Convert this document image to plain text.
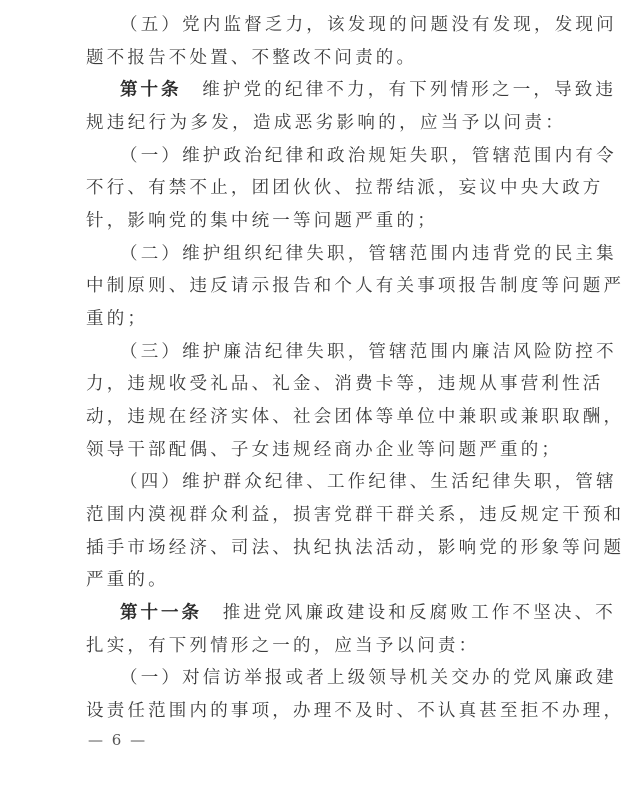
（五）党内监督乏力，该发现的问题没有发现，发现问
题不报告不处置、不整改不问责的。
第十条　 维护党的纪律不力，有下列情形之一，导致违
规违纪行为多发，造成恶劣影响的，应当予以问责：
（一）维护政治纪律和政治规矩失职，管辖范围内有令
不行、有禁不止，团团伙伙、拉帮结派，妄议中央大政方
针，影响党的集中统一等问题严重的；
（二）维护组织纪律失职，管辖范围内违背党的民主集
中制原则、违反请示报告和个人有关事项报告制度等问题严
重的；
（三）维护廉洁纪律失职，管辖范围内廉洁风险防控不
力，违规收受礼品、礼金、消费卡等，违规从事营利性活
动，违规在经济实体、社会团体等单位中兼职或兼职取酬，
领导干部配偶、子女违规经商办企业等问题严重的；
（四）维护群众纪律、工作纪律、生活纪律失职，管辖
范围内漠视群众利益，损害党群干群关系，违反规定干预和
插手市场经济、司法、执纪执法活动，影响党的形象等问题
严重的。
第十一条　 推进党风廉政建设和反腐败工作不坚决、不
扎实，有下列情形之一的，应当予以问责：
（一）对信访举报或者上级领导机关交办的党风廉政建
设责任范围内的事项，办理不及时、不认真甚至拒不办理，
— 6 —
